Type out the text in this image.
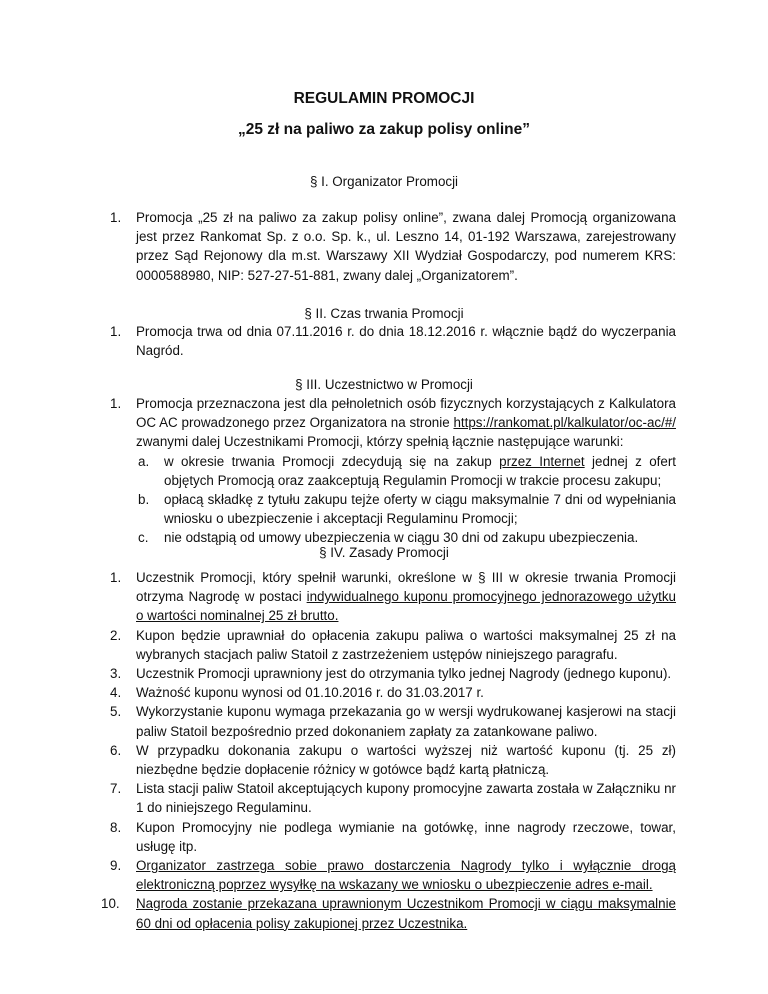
REGULAMIN PROMOCJI
„25 zł na paliwo za zakup polisy online”
§ I. Organizator Promocji
1.	Promocja „25 zł na paliwo za zakup polisy online”, zwana dalej Promocją organizowana jest przez Rankomat Sp. z o.o. Sp. k., ul. Leszno 14, 01-192 Warszawa, zarejestrowany przez Sąd Rejonowy dla m.st. Warszawy XII Wydział Gospodarczy, pod numerem KRS: 0000588980, NIP: 527-27-51-881, zwany dalej „Organizatorem”.
§ II. Czas trwania Promocji
1.	Promocja trwa od dnia 07.11.2016 r. do dnia 18.12.2016 r. włącznie bądź do wyczerpania Nagród.
§ III. Uczestnictwo w Promocji
1.	Promocja przeznaczona jest dla pełnoletnich osób fizycznych korzystających z Kalkulatora OC AC prowadzonego przez Organizatora na stronie https://rankomat.pl/kalkulator/oc-ac/#/ zwanymi dalej Uczestnikami Promocji, którzy spełnią łącznie następujące warunki:
a.	w okresie trwania Promocji zdecydują się na zakup przez Internet jednej z ofert objętych Promocją oraz zaakceptują Regulamin Promocji w trakcie procesu zakupu;
b.	opłacą składkę z tytułu zakupu tejże oferty w ciągu maksymalnie 7 dni od wypełniania wniosku o ubezpieczenie i akceptacji Regulaminu Promocji;
c.	nie odstąpią od umowy ubezpieczenia w ciągu 30 dni od zakupu ubezpieczenia.
§ IV. Zasady Promocji
1.	Uczestnik Promocji, który spełnił warunki, określone w § III w okresie trwania Promocji otrzyma Nagrodę w postaci indywidualnego kuponu promocyjnego jednorazowego użytku o wartości nominalnej 25 zł brutto.
2.	Kupon będzie uprawniał do opłacenia zakupu paliwa o wartości maksymalnej 25 zł na wybranych stacjach paliw Statoil z zastrzeżeniem ustępów niniejszego paragrafu.
3.	Uczestnik Promocji uprawniony jest do otrzymania tylko jednej Nagrody (jednego kuponu).
4.	Ważność kuponu wynosi od 01.10.2016 r. do 31.03.2017 r.
5.	Wykorzystanie kuponu wymaga przekazania go w wersji wydrukowanej kasjerowi na stacji paliw Statoil bezpośrednio przed dokonaniem zapłaty za zatankowane paliwo.
6.	W przypadku dokonania zakupu o wartości wyższej niż wartość kuponu (tj. 25 zł) niezbędne będzie dopłacenie różnicy w gotówce bądź kartą płatniczą.
7.	Lista stacji paliw Statoil akceptujących kupony promocyjne zawarta została w Załączniku nr 1 do niniejszego Regulaminu.
8.	Kupon Promocyjny nie podlega wymianie na gotówkę, inne nagrody rzeczowe, towar, usługę itp.
9.	Organizator zastrzega sobie prawo dostarczenia Nagrody tylko i wyłącznie drogą elektroniczną poprzez wysyłkę na wskazany we wniosku o ubezpieczenie adres e-mail.
10.	Nagroda zostanie przekazana uprawnionym Uczestnikom Promocji w ciągu maksymalnie 60 dni od opłacenia polisy zakupionej przez Uczestnika.
